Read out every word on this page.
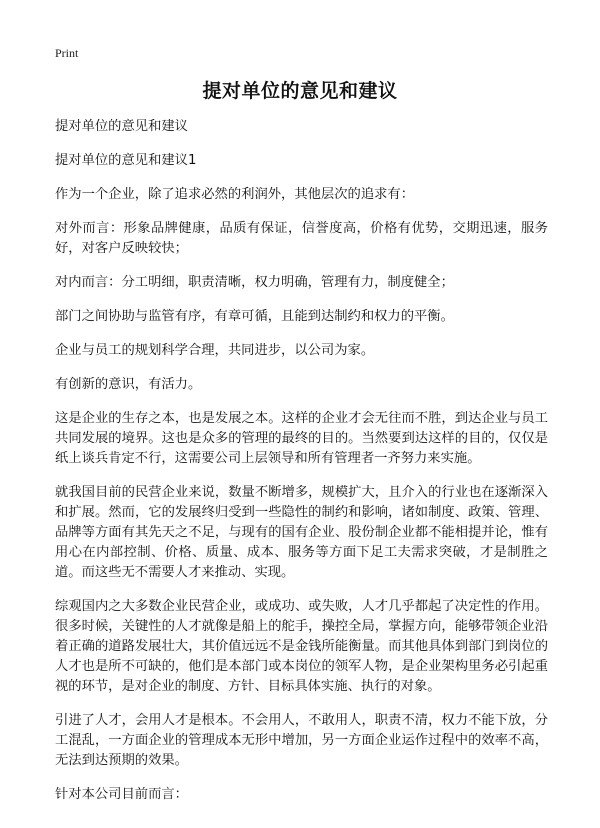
Print
提对单位的意见和建议

提对单位的意见和建议

提对单位的意见和建议1

作为一个企业，除了追求必然的利润外，其他层次的追求有：

对外而言：形象品牌健康，品质有保证，信誉度高，价格有优势，交期迅速，服务好，对客户反映较快；

对内而言：分工明细，职责清晰，权力明确，管理有力，制度健全；

部门之间协助与监管有序，有章可循，且能到达制约和权力的平衡。

企业与员工的规划科学合理，共同进步，以公司为家。

有创新的意识，有活力。

这是企业的生存之本，也是发展之本。这样的企业才会无往而不胜，到达企业与员工共同发展的境界。这也是众多的管理的最终的目的。当然要到达这样的目的，仅仅是纸上谈兵肯定不行，这需要公司上层领导和所有管理者一齐努力来实施。

就我国目前的民营企业来说，数量不断增多，规模扩大，且介入的行业也在逐渐深入和扩展。然而，它的发展终归受到一些隐性的制约和影响，诸如制度、政策、管理、品牌等方面有其先天之不足，与现有的国有企业、股份制企业都不能相提并论，惟有用心在内部控制、价格、质量、成本、服务等方面下足工夫需求突破，才是制胜之道。而这些无不需要人才来推动、实现。

综观国内之大多数企业民营企业，或成功、或失败，人才几乎都起了决定性的作用。很多时候，关键性的人才就像是船上的舵手，操控全局，掌握方向，能够带领企业沿着正确的道路发展壮大，其价值远远不是金钱所能衡量。而其他具体到部门到岗位的人才也是所不可缺的，他们是本部门或本岗位的领军人物，是企业架构里务必引起重视的环节，是对企业的制度、方针、目标具体实施、执行的对象。

引进了人才，会用人才是根本。不会用人，不敢用人，职责不清，权力不能下放，分工混乱，一方面企业的管理成本无形中增加，另一方面企业运作过程中的效率不高，无法到达预期的效果。

针对本公司目前而言：
